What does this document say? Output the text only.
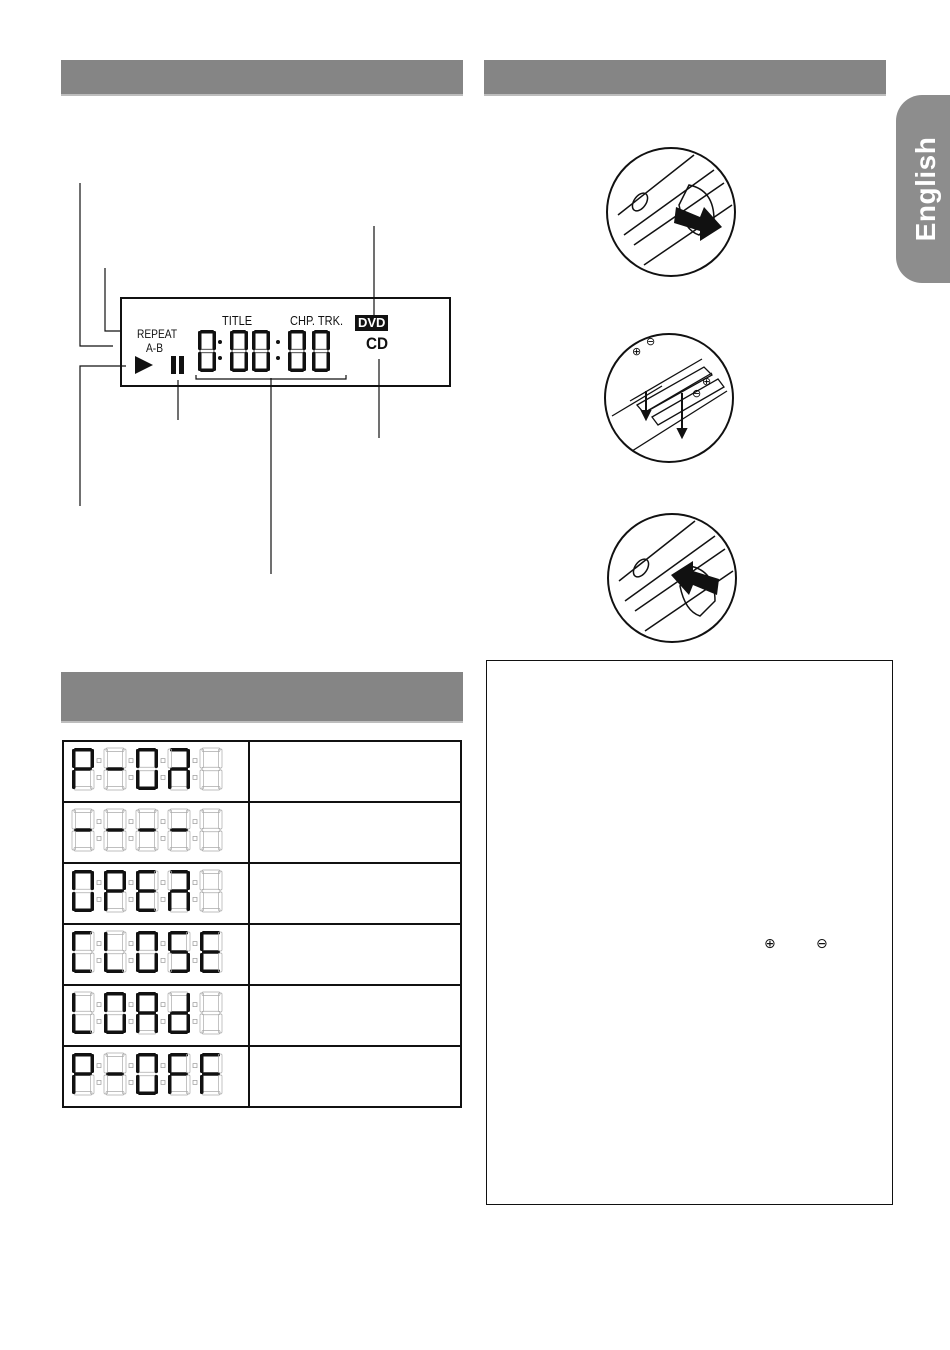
English
TITLE	CHP. TRK.
REPEAT
A-B
DVD
CD

		⊕
⊖
⊕
⊖
⊕	⊖
